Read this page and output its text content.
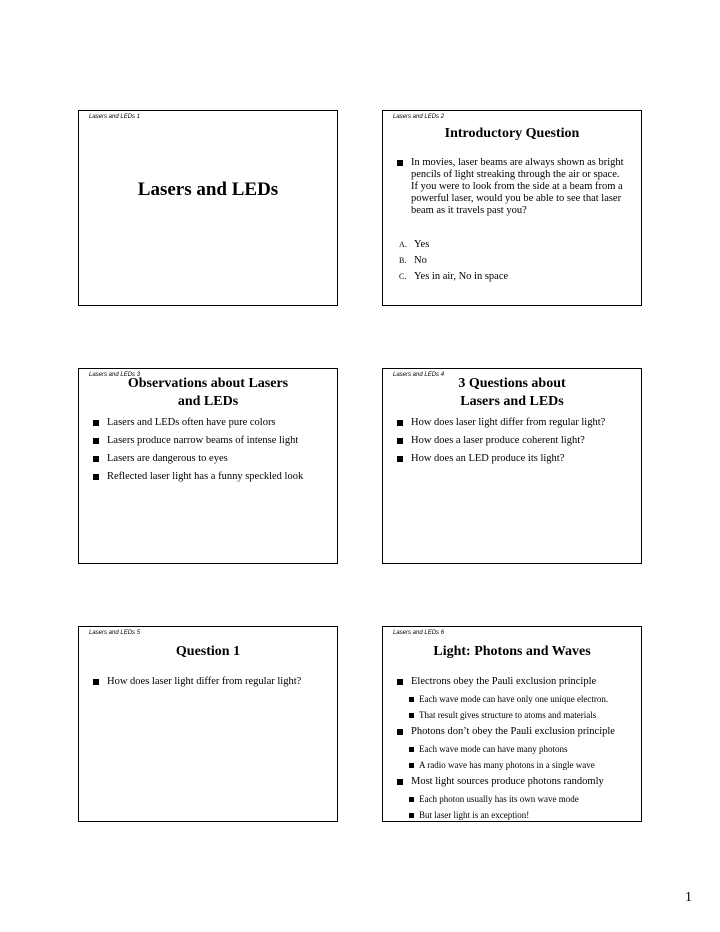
Lasers and LEDs 1
Lasers and LEDs
Lasers and LEDs 2
Introductory Question
In movies, laser beams are always shown as bright pencils of light streaking through the air or space. If you were to look from the side at a beam from a powerful laser, would you be able to see that laser beam as it travels past you?
A. Yes
B. No
C. Yes in air, No in space
Lasers and LEDs 3
Observations about Lasers
and LEDs
Lasers and LEDs often have pure colors
Lasers produce narrow beams of intense light
Lasers are dangerous to eyes
Reflected laser light has a funny speckled look
Lasers and LEDs 4
3 Questions about
Lasers and LEDs
How does laser light differ from regular light?
How does a laser produce coherent light?
How does an LED produce its light?
Lasers and LEDs 5
Question 1
How does laser light differ from regular light?
Lasers and LEDs 6
Light: Photons and Waves
Electrons obey the Pauli exclusion principle
Each wave mode can have only one unique electron.
That result gives structure to atoms and materials
Photons don’t obey the Pauli exclusion principle
Each wave mode can have many photons
A radio wave has many photons in a single wave
Most light sources produce photons randomly
Each photon usually has its own wave mode
But laser light is an exception!
1
